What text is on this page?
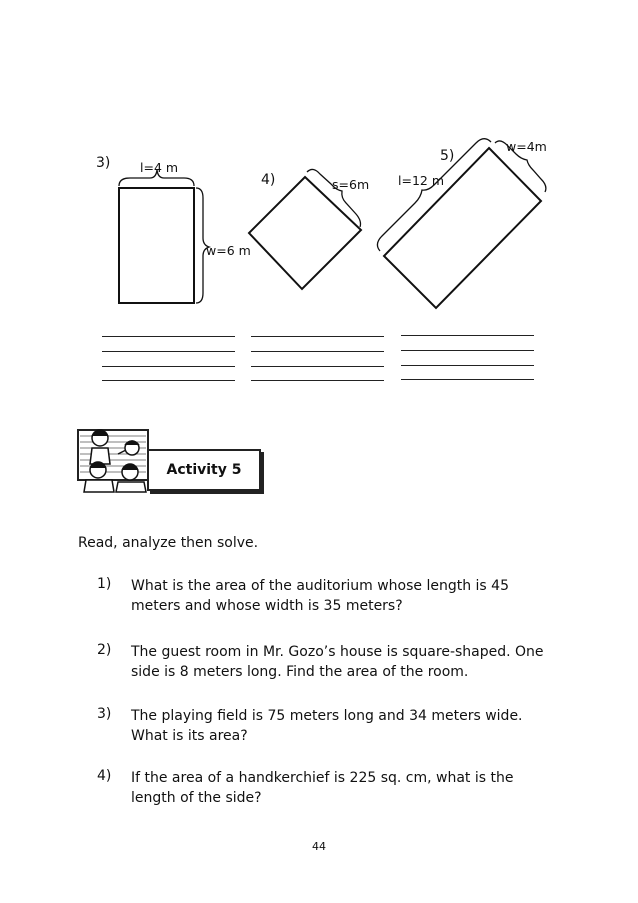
3) l=4 m
w=6 m
4)	s=6m
5)
l=12 m
w=4m
Activity 5
Read, analyze then solve.
1) What is the area of the auditorium whose length is 45
meters and whose width is 35 meters?
2) The guest room in Mr. Gozo’s house is square-shaped. One
side is 8 meters long. Find the area of the room.
3) The playing field is 75 meters long and 34 meters wide.
What is its area?
4) If the area of a handkerchief is 225 sq. cm, what is the
length of the side?
44
